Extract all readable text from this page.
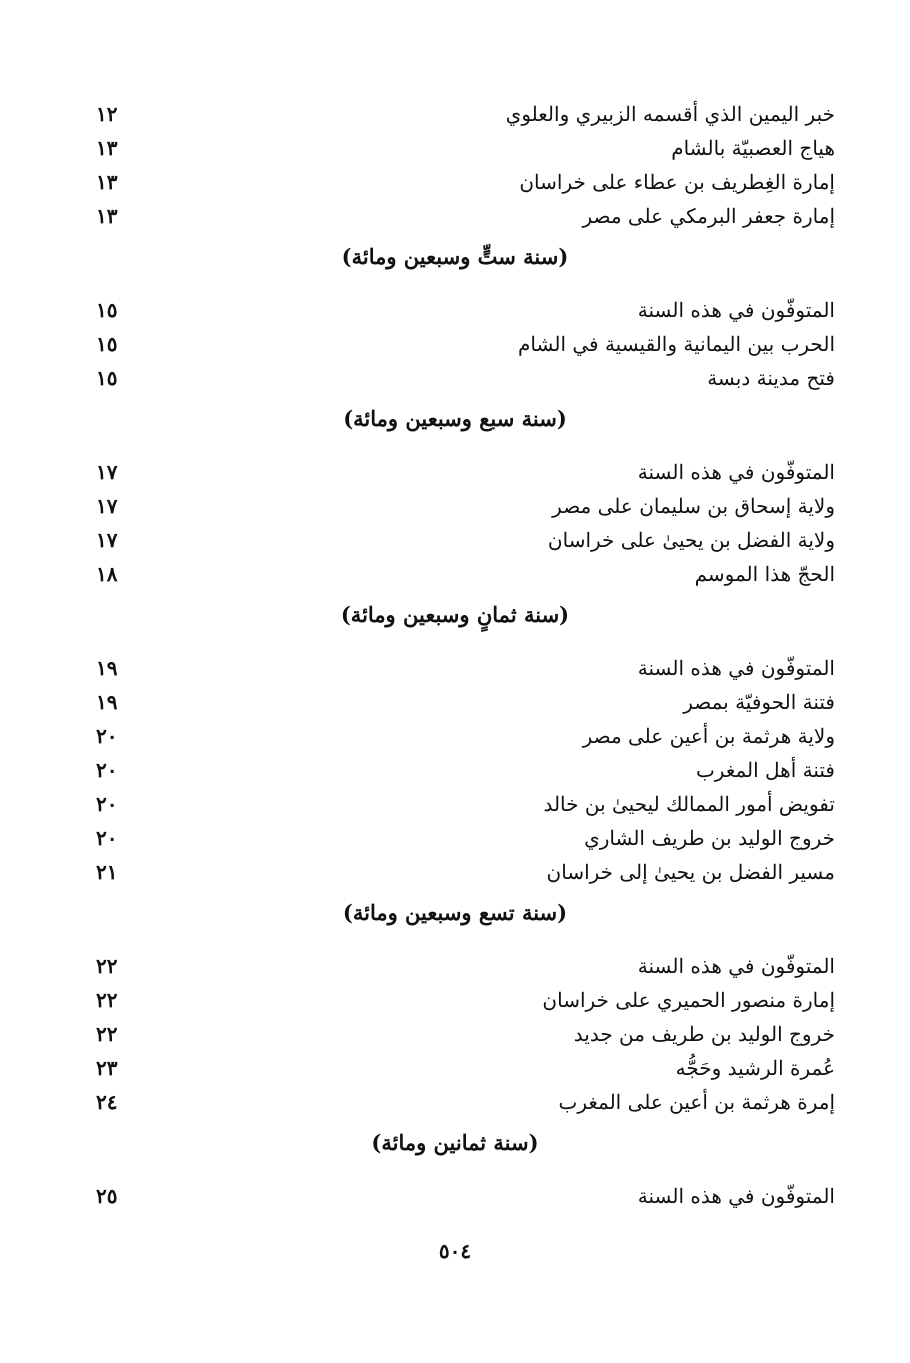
خبر اليمين الذي أقسمه الزبيري والعلوي
١٢
هياج العصبيّة بالشام
١٣
إمارة الغِطريف بن عطاء على خراسان
١٣
إمارة جعفر البرمكي على مصر
١٣
(سنة ستٍّ وسبعين ومائة)
المتوفّون في هذه السنة
١٥
الحرب بين اليمانية والقيسية في الشام
١٥
فتح مدينة دبسة
١٥
(سنة سبع وسبعين ومائة)
المتوفّون في هذه السنة
١٧
ولاية إسحاق بن سليمان على مصر
١٧
ولاية الفضل بن يحيىٰ على خراسان
١٧
الحجّ هذا الموسم
١٨
(سنة ثمانٍ وسبعين ومائة)
المتوفّون في هذه السنة
١٩
فتنة الحوفيّة بمصر
١٩
ولاية هرثمة بن أعين على مصر
٢٠
فتنة أهل المغرب
٢٠
تفويض أمور الممالك ليحيىٰ بن خالد
٢٠
خروج الوليد بن طريف الشاري
٢٠
مسير الفضل بن يحيىٰ إلى خراسان
٢١
(سنة تسع وسبعين ومائة)
المتوفّون في هذه السنة
٢٢
إمارة منصور الحميري على خراسان
٢٢
خروج الوليد بن طريف من جديد
٢٢
عُمرة الرشيد وحَجُّه
٢٣
إمرة هرثمة بن أعين على المغرب
٢٤
(سنة ثمانين ومائة)
المتوفّون في هذه السنة
٢٥
٥٠٤
